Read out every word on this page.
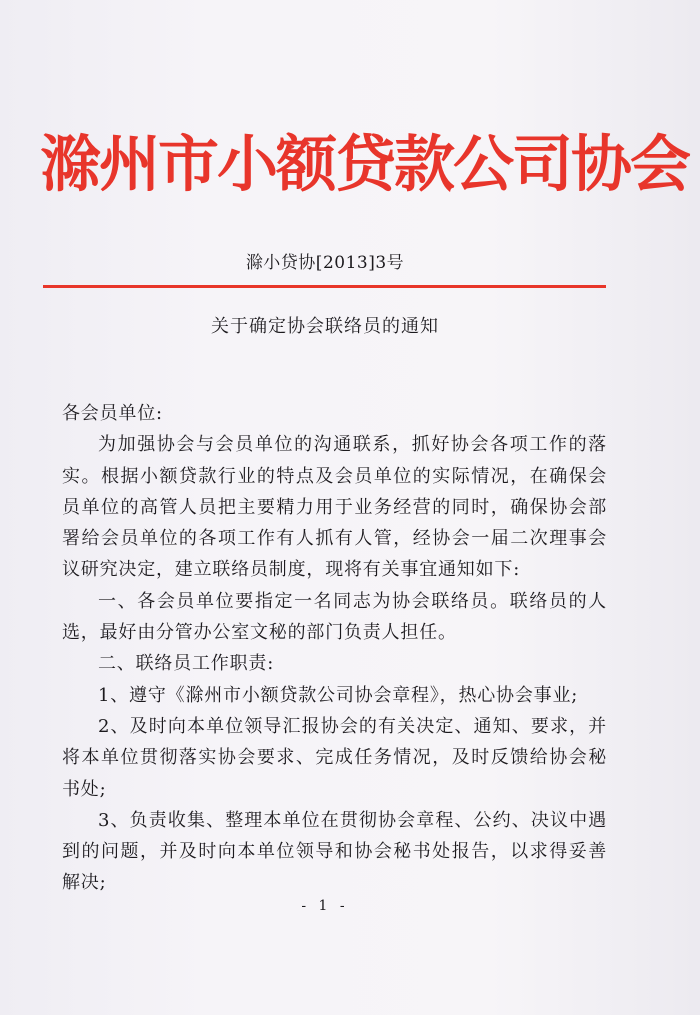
滁州市小额贷款公司协会
滁小贷协[2013]3号
关于确定协会联络员的通知

各会员单位:

为加强协会与会员单位的沟通联系，抓好协会各项工作的落实。根据小额贷款行业的特点及会员单位的实际情况，在确保会员单位的高管人员把主要精力用于业务经营的同时，确保协会部署给会员单位的各项工作有人抓有人管，经协会一届二次理事会议研究决定，建立联络员制度，现将有关事宜通知如下:

一、各会员单位要指定一名同志为协会联络员。联络员的人选，最好由分管办公室文秘的部门负责人担任。

二、联络员工作职责:

1、遵守《滁州市小额贷款公司协会章程》，热心协会事业;

2、及时向本单位领导汇报协会的有关决定、通知、要求，并将本单位贯彻落实协会要求、完成任务情况，及时反馈给协会秘书处;

3、负责收集、整理本单位在贯彻协会章程、公约、决议中遇到的问题，并及时向本单位领导和协会秘书处报告，以求得妥善解决;

- 1 -
